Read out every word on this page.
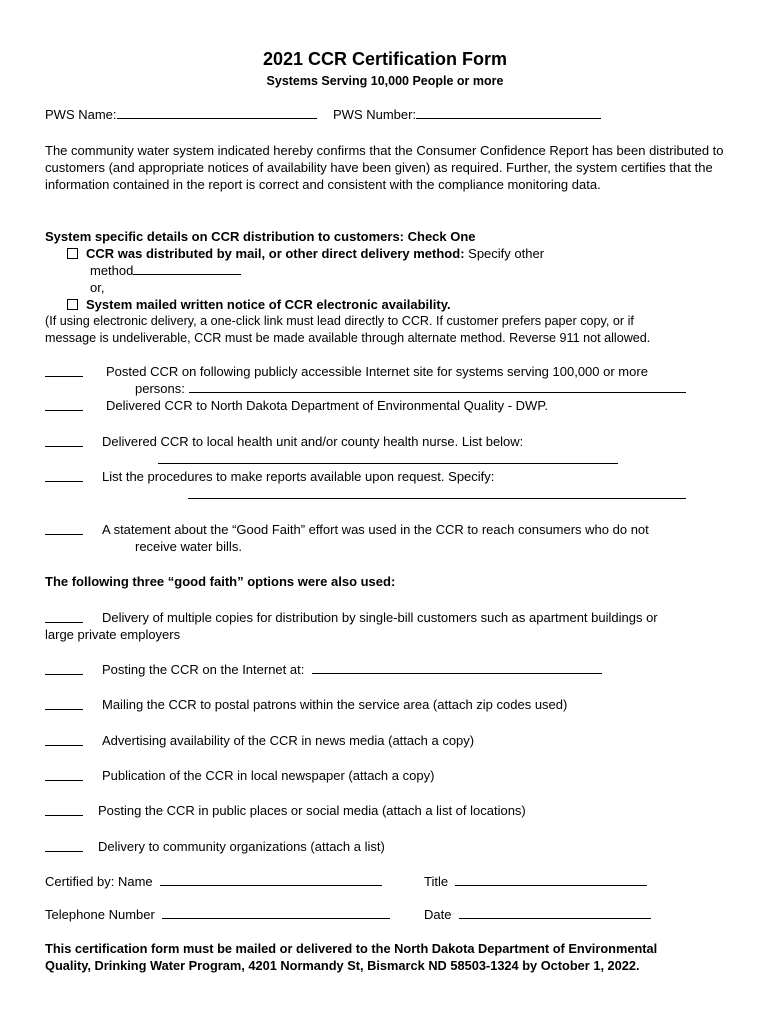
2021 CCR Certification Form
Systems Serving 10,000 People or more
PWS Name:	PWS Number:
The community water system indicated hereby confirms that the Consumer Confidence Report has been distributed to customers (and appropriate notices of availability have been given) as required. Further, the system certifies that the information contained in the report is correct and consistent with the compliance monitoring data.
System specific details on CCR distribution to customers: Check One
CCR was distributed by mail, or other direct delivery method: Specify other
method
or,
System mailed written notice of CCR electronic availability.
(If using electronic delivery, a one-click link must lead directly to CCR. If customer prefers paper copy, or if
message is undeliverable, CCR must be made available through alternate method. Reverse 911 not allowed.
Posted CCR on following publicly accessible Internet site for systems serving 100,000 or more
persons:
Delivered CCR to North Dakota Department of Environmental Quality - DWP.
Delivered CCR to local health unit and/or county health nurse. List below:
List the procedures to make reports available upon request. Specify:
A statement about the “Good Faith” effort was used in the CCR to reach consumers who do not
receive water bills.
The following three “good faith” options were also used:
Delivery of multiple copies for distribution by single-bill customers such as apartment buildings or
large private employers
Posting the CCR on the Internet at:
Mailing the CCR to postal patrons within the service area (attach zip codes used)
Advertising availability of the CCR in news media (attach a copy)
Publication of the CCR in local newspaper (attach a copy)
Posting the CCR in public places or social media (attach a list of locations)
Delivery to community organizations (attach a list)
Certified by: Name	Title
Telephone Number	Date
This certification form must be mailed or delivered to the North Dakota Department of Environmental
Quality, Drinking Water Program, 4201 Normandy St, Bismarck ND 58503-1324 by October 1, 2022.
